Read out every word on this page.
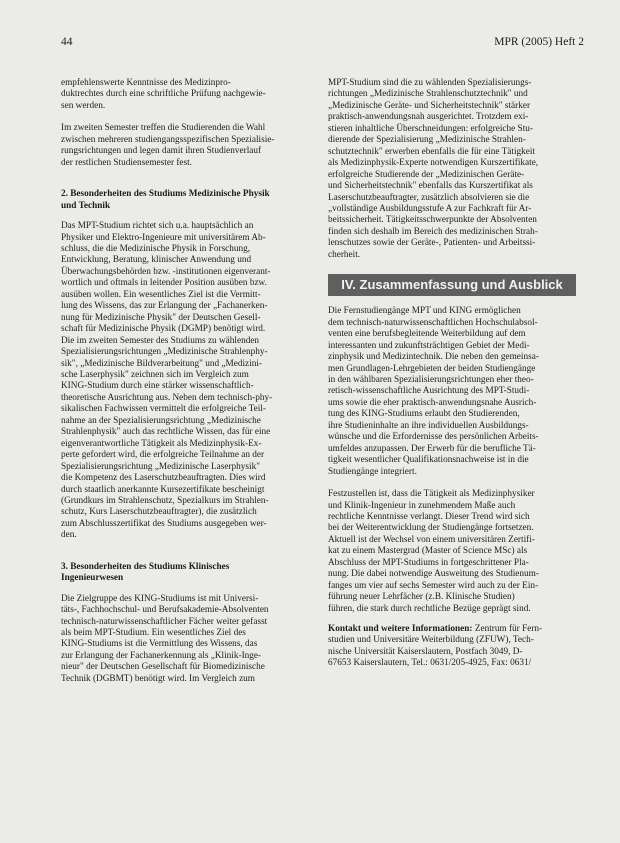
44	MPR (2005) Heft 2

empfehlenswerte Kenntnisse des Medizinpro-
duktrechtes durch eine schriftliche Prüfung nachgewie-
sen werden.

Im zweiten Semester treffen die Studierenden die Wahl
zwischen mehreren studiengangsspezifischen Spezialisie-
rungsrichtungen und legen damit ihren Studienverlauf
der restlichen Studiensemester fest.

2. Besonderheiten des Studiums Medizinische Physik
und Technik

Das MPT-Studium richtet sich u.a. hauptsächlich an
Physiker und Elektro-Ingenieure mit universitärem Ab-
schluss, die die Medizinische Physik in Forschung,
Entwicklung, Beratung, klinischer Anwendung und
Überwachungsbehörden bzw. -institutionen eigenverant-
wortlich und oftmals in leitender Position ausüben bzw.
ausüben wollen. Ein wesentliches Ziel ist die Vermitt-
lung des Wissens, das zur Erlangung der „Fachanerken-
nung für Medizinische Physik" der Deutschen Gesell-
schaft für Medizinische Physik (DGMP) benötigt wird.
Die im zweiten Semester des Studiums zu wählenden
Spezialisierungsrichtungen „Medizinische Strahlenphy-
sik", „Medizinische Bildverarbeitung" und „Medizini-
sche Laserphysik" zeichnen sich im Vergleich zum
KING-Studium durch eine stärker wissenschaftlich-
theoretische Ausrichtung aus. Neben dem technisch-phy-
sikalischen Fachwissen vermittelt die erfolgreiche Teil-
nahme an der Spezialisierungsrichtung „Medizinische
Strahlenphysik" auch das rechtliche Wissen, das für eine
eigenverantwortliche Tätigkeit als Medizinphysik-Ex-
perte gefordert wird, die erfolgreiche Teilnahme an der
Spezialisierungsrichtung „Medizinische Laserphysik"
die Kompetenz des Laserschutzbeauftragten. Dies wird
durch staatlich anerkannte Kursezertifikate bescheinigt
(Grundkurs im Strahlenschutz, Spezialkurs im Strahlen-
schutz, Kurs Laserschutzbeauftragter), die zusätzlich
zum Abschlusszertifikat des Studiums ausgegeben wer-
den.

3. Besonderheiten des Studiums Klinisches
Ingenieurwesen

Die Zielgruppe des KING-Studiums ist mit Universi-
täts-, Fachhochschul- und Berufsakademie-Absolventen
technisch-naturwissenschaftlicher Fächer weiter gefasst
als beim MPT-Studium. Ein wesentliches Ziel des
KING-Studiums ist die Vermittlung des Wissens, das
zur Erlangung der Fachanerkennung als „Klinik-Inge-
nieur" der Deutschen Gesellschaft für Biomedizinische
Technik (DGBMT) benötigt wird. Im Vergleich zum

MPT-Studium sind die zu wählenden Spezialisierungs-
richtungen „Medizinische Strahlenschutztechnik" und
„Medizinische Geräte- und Sicherheitstechnik" stärker
praktisch-anwendungsnah ausgerichtet. Trotzdem exi-
stieren inhaltliche Überschneidungen: erfolgreiche Stu-
dierende der Spezialisierung „Medizinische Strahlen-
schutztechnik" erwerben ebenfalls die für eine Tätigkeit
als Medizinphysik-Experte notwendigen Kurszertifikate,
erfolgreiche Studierende der „Medizinischen Geräte-
und Sicherheitstechnik" ebenfalls das Kurszertifikat als
Laserschutzbeauftragter, zusätzlich absolvieren sie die
„vollständige Ausbildungsstufe A zur Fachkraft für Ar-
beitssicherheit. Tätigkeitsschwerpunkte der Absolventen
finden sich deshalb im Bereich des medizinischen Strah-
lenschutzes sowie der Geräte-, Patienten- und Arbeitssi-
cherheit.

IV. Zusammenfassung und Ausblick

Die Fernstudiengänge MPT und KING ermöglichen
dem technisch-naturwissenschaftlichen Hochschulabsol-
venten eine berufsbegleitende Weiterbildung auf dem
interessanten und zukunftsträchtigen Gebiet der Medi-
zinphysik und Medizintechnik. Die neben den gemeinsa-
men Grundlagen-Lehrgebieten der beiden Studiengänge
in den wählbaren Spezialisierungsrichtungen eher theo-
retisch-wissenschaftliche Ausrichtung des MPT-Studi-
ums sowie die eher praktisch-anwendungsnahe Ausrich-
tung des KING-Studiums erlaubt den Studierenden,
ihre Studieninhalte an ihre individuellen Ausbildungs-
wünsche und die Erfordernisse des persönlichen Arbeits-
umfeldes anzupassen. Der Erwerb für die berufliche Tä-
tigkeit wesentlicher Qualifikationsnachweise ist in die
Studiengänge integriert.

Festzustellen ist, dass die Tätigkeit als Medizinphysiker
und Klinik-Ingenieur in zunehmendem Maße auch
rechtliche Kenntnisse verlangt. Dieser Trend wird sich
bei der Weiterentwicklung der Studiengänge fortsetzen.
Aktuell ist der Wechsel von einem universitären Zertifi-
kat zu einem Mastergrad (Master of Science MSc) als
Abschluss der MPT-Studiums in fortgeschrittener Pla-
nung. Die dabei notwendige Ausweitung des Studienum-
fanges um vier auf sechs Semester wird auch zu der Ein-
führung neuer Lehrfächer (z.B. Klinische Studien)
führen, die stark durch rechtliche Bezüge geprägt sind.

Kontakt und weitere Informationen: Zentrum für Fern-
studien und Universitäre Weiterbildung (ZFUW), Tech-
nische Universität Kaiserslautern, Postfach 3049, D-
67653 Kaiserslautern, Tel.: 0631/205-4925, Fax: 0631/
